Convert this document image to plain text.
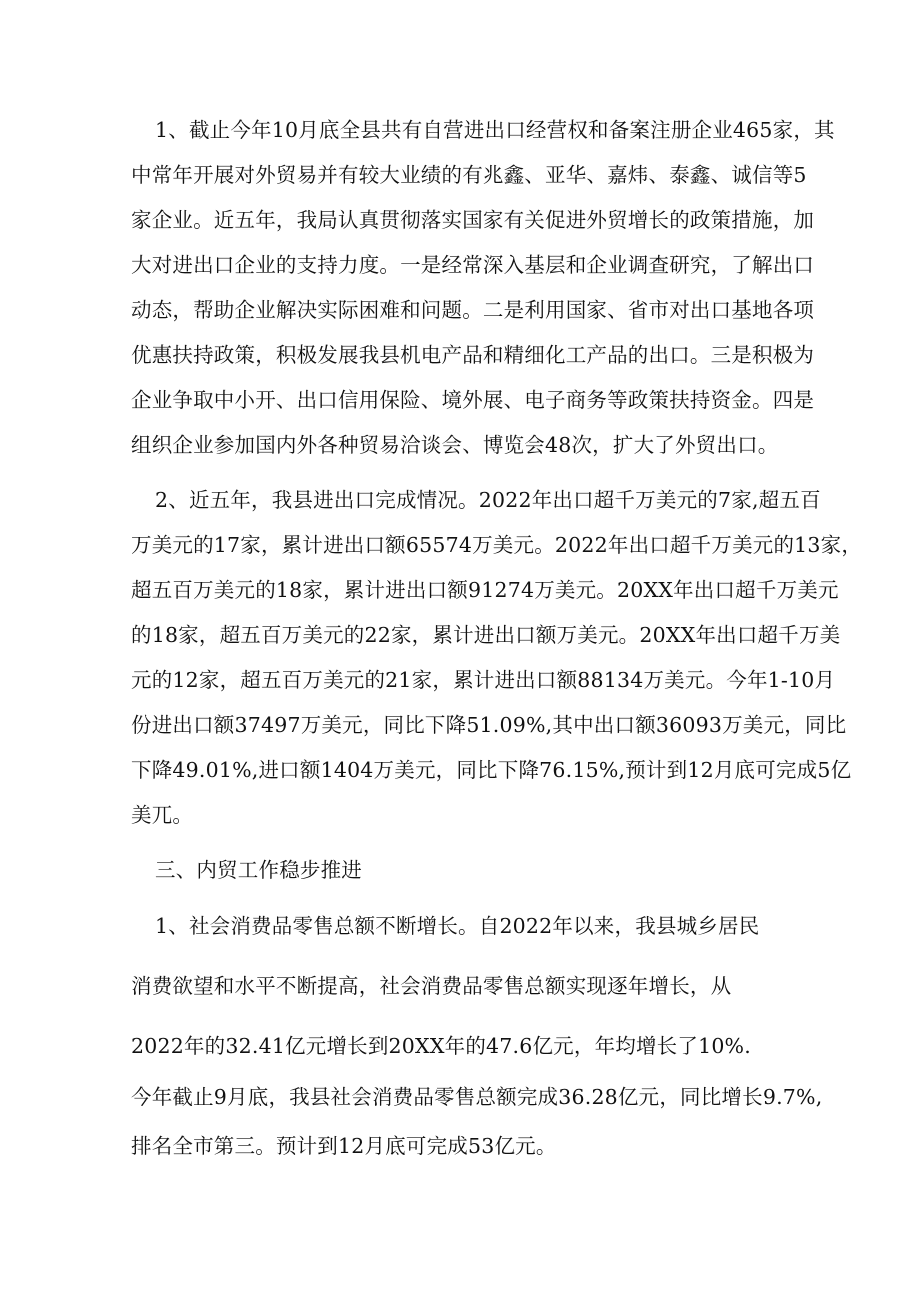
1、截止今年10月底全县共有自营进出口经营权和备案注册企业465家，其
中常年开展对外贸易并有较大业绩的有兆鑫、亚华、嘉炜、泰鑫、诚信等5
家企业。近五年，我局认真贯彻落实国家有关促进外贸增长的政策措施，加
大对进出口企业的支持力度。一是经常深入基层和企业调查研究，了解出口
动态，帮助企业解决实际困难和问题。二是利用国家、省市对出口基地各项
优惠扶持政策，积极发展我县机电产品和精细化工产品的出口。三是积极为
企业争取中小开、出口信用保险、境外展、电子商务等政策扶持资金。四是
组织企业参加国内外各种贸易洽谈会、博览会48次，扩大了外贸出口。
2、近五年，我县进出口完成情况。2022年出口超千万美元的7家,超五百
万美元的17家，累计进出口额65574万美元。2022年出口超千万美元的13家，
超五百万美元的18家，累计进出口额91274万美元。20XX年出口超千万美元
的18家，超五百万美元的22家，累计进出口额万美元。20XX年出口超千万美
元的12家，超五百万美元的21家，累计进出口额88134万美元。今年1-10月
份进出口额37497万美元，同比下降51.09%,其中出口额36093万美元，同比
下降49.01%,进口额1404万美元，同比下降76.15%,预计到12月底可完成5亿
美兀。
三、内贸工作稳步推进
1、社会消费品零售总额不断增长。自2022年以来，我县城乡居民
消费欲望和水平不断提高，社会消费品零售总额实现逐年增长，从
2022年的32.41亿元增长到20XX年的47.6亿元，年均增长了10%.
今年截止9月底，我县社会消费品零售总额完成36.28亿元，同比增长9.7%,
排名全市第三。预计到12月底可完成53亿元。
